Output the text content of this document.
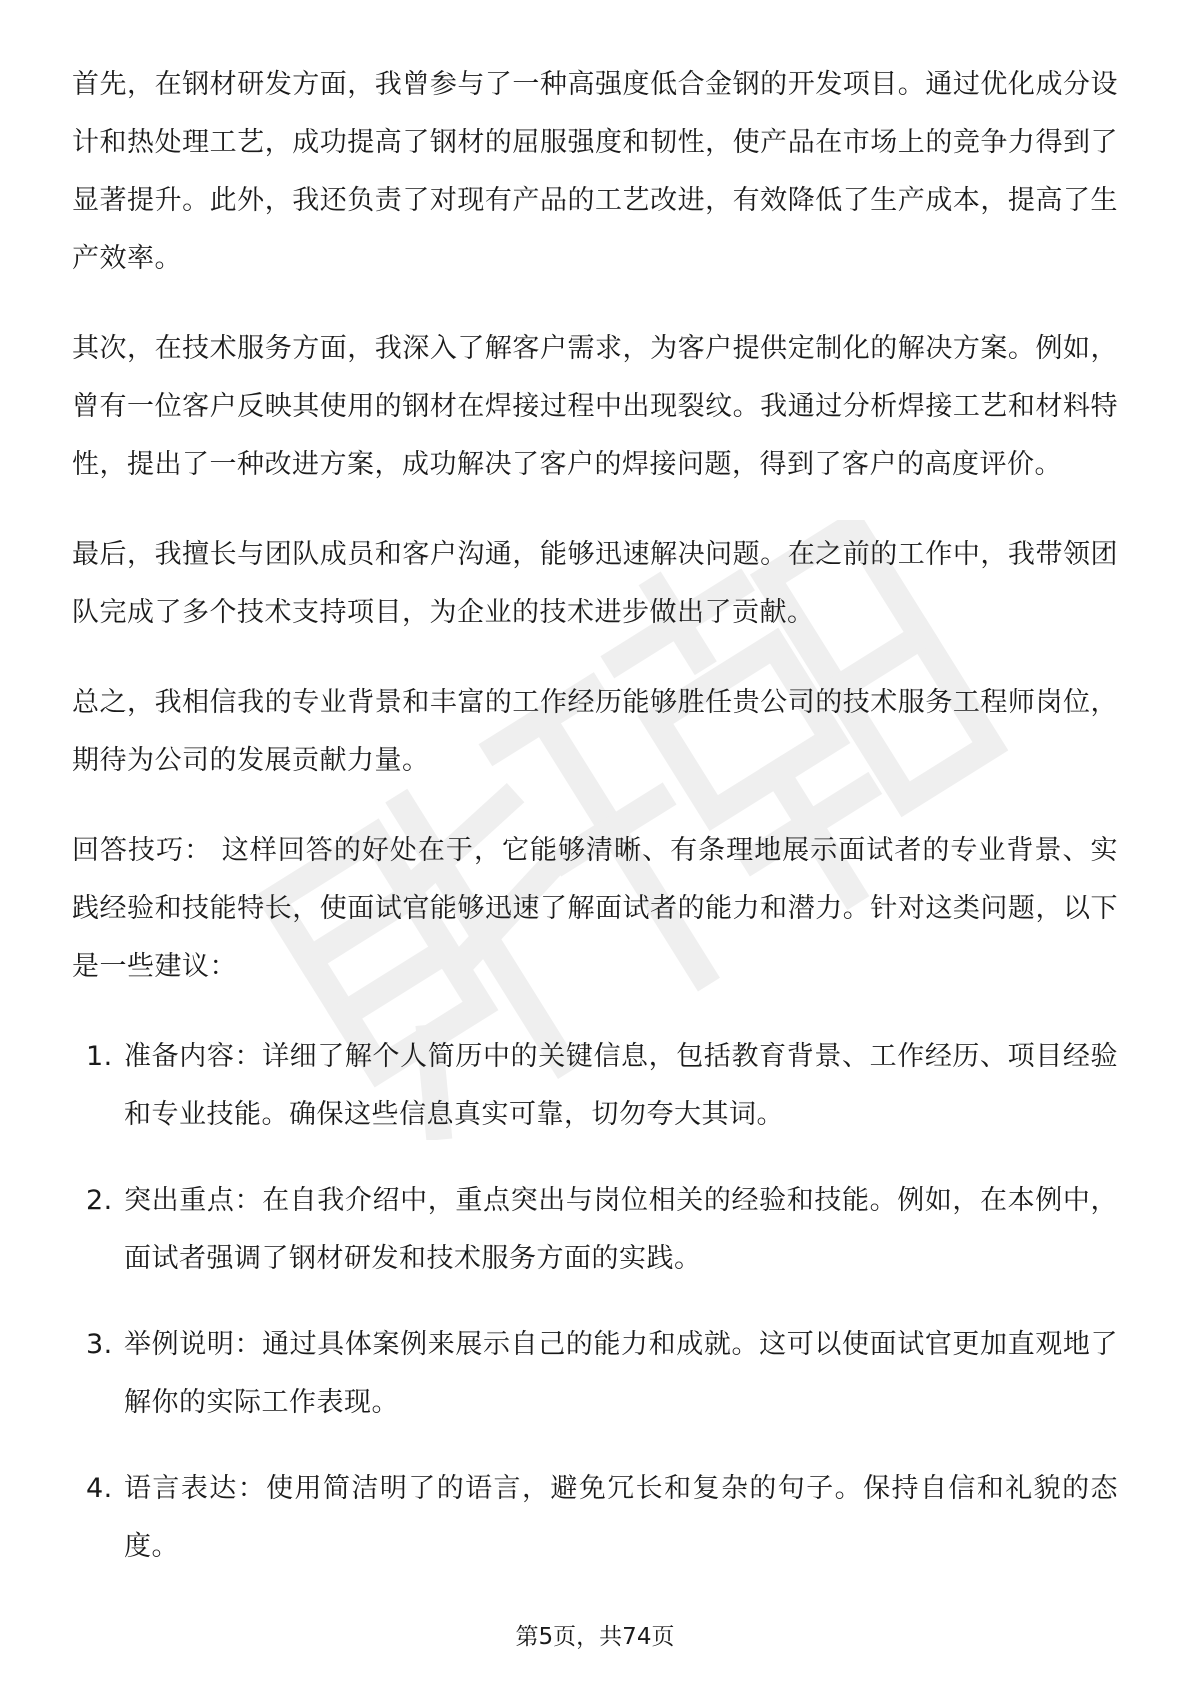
首先，在钢材研发方面，我曾参与了一种高强度低合金钢的开发项目。通过优化成分设计和热处理工艺，成功提高了钢材的屈服强度和韧性，使产品在市场上的竞争力得到了显著提升。此外，我还负责了对现有产品的工艺改进，有效降低了生产成本，提高了生产效率。

其次，在技术服务方面，我深入了解客户需求，为客户提供定制化的解决方案。例如，曾有一位客户反映其使用的钢材在焊接过程中出现裂纹。我通过分析焊接工艺和材料特性，提出了一种改进方案，成功解决了客户的焊接问题，得到了客户的高度评价。

最后，我擅长与团队成员和客户沟通，能够迅速解决问题。在之前的工作中，我带领团队完成了多个技术支持项目，为企业的技术进步做出了贡献。

总之，我相信我的专业背景和丰富的工作经历能够胜任贵公司的技术服务工程师岗位，期待为公司的发展贡献力量。

回答技巧： 这样回答的好处在于，它能够清晰、有条理地展示面试者的专业背景、实践经验和技能特长，使面试官能够迅速了解面试者的能力和潜力。针对这类问题，以下是一些建议：

1. 准备内容：详细了解个人简历中的关键信息，包括教育背景、工作经历、项目经验和专业技能。确保这些信息真实可靠，切勿夸大其词。
2. 突出重点：在自我介绍中，重点突出与岗位相关的经验和技能。例如，在本例中，面试者强调了钢材研发和技术服务方面的实践。
3. 举例说明：通过具体案例来展示自己的能力和成就。这可以使面试官更加直观地了解你的实际工作表现。
4. 语言表达：使用简洁明了的语言，避免冗长和复杂的句子。保持自信和礼貌的态度。
第5页，共74页
